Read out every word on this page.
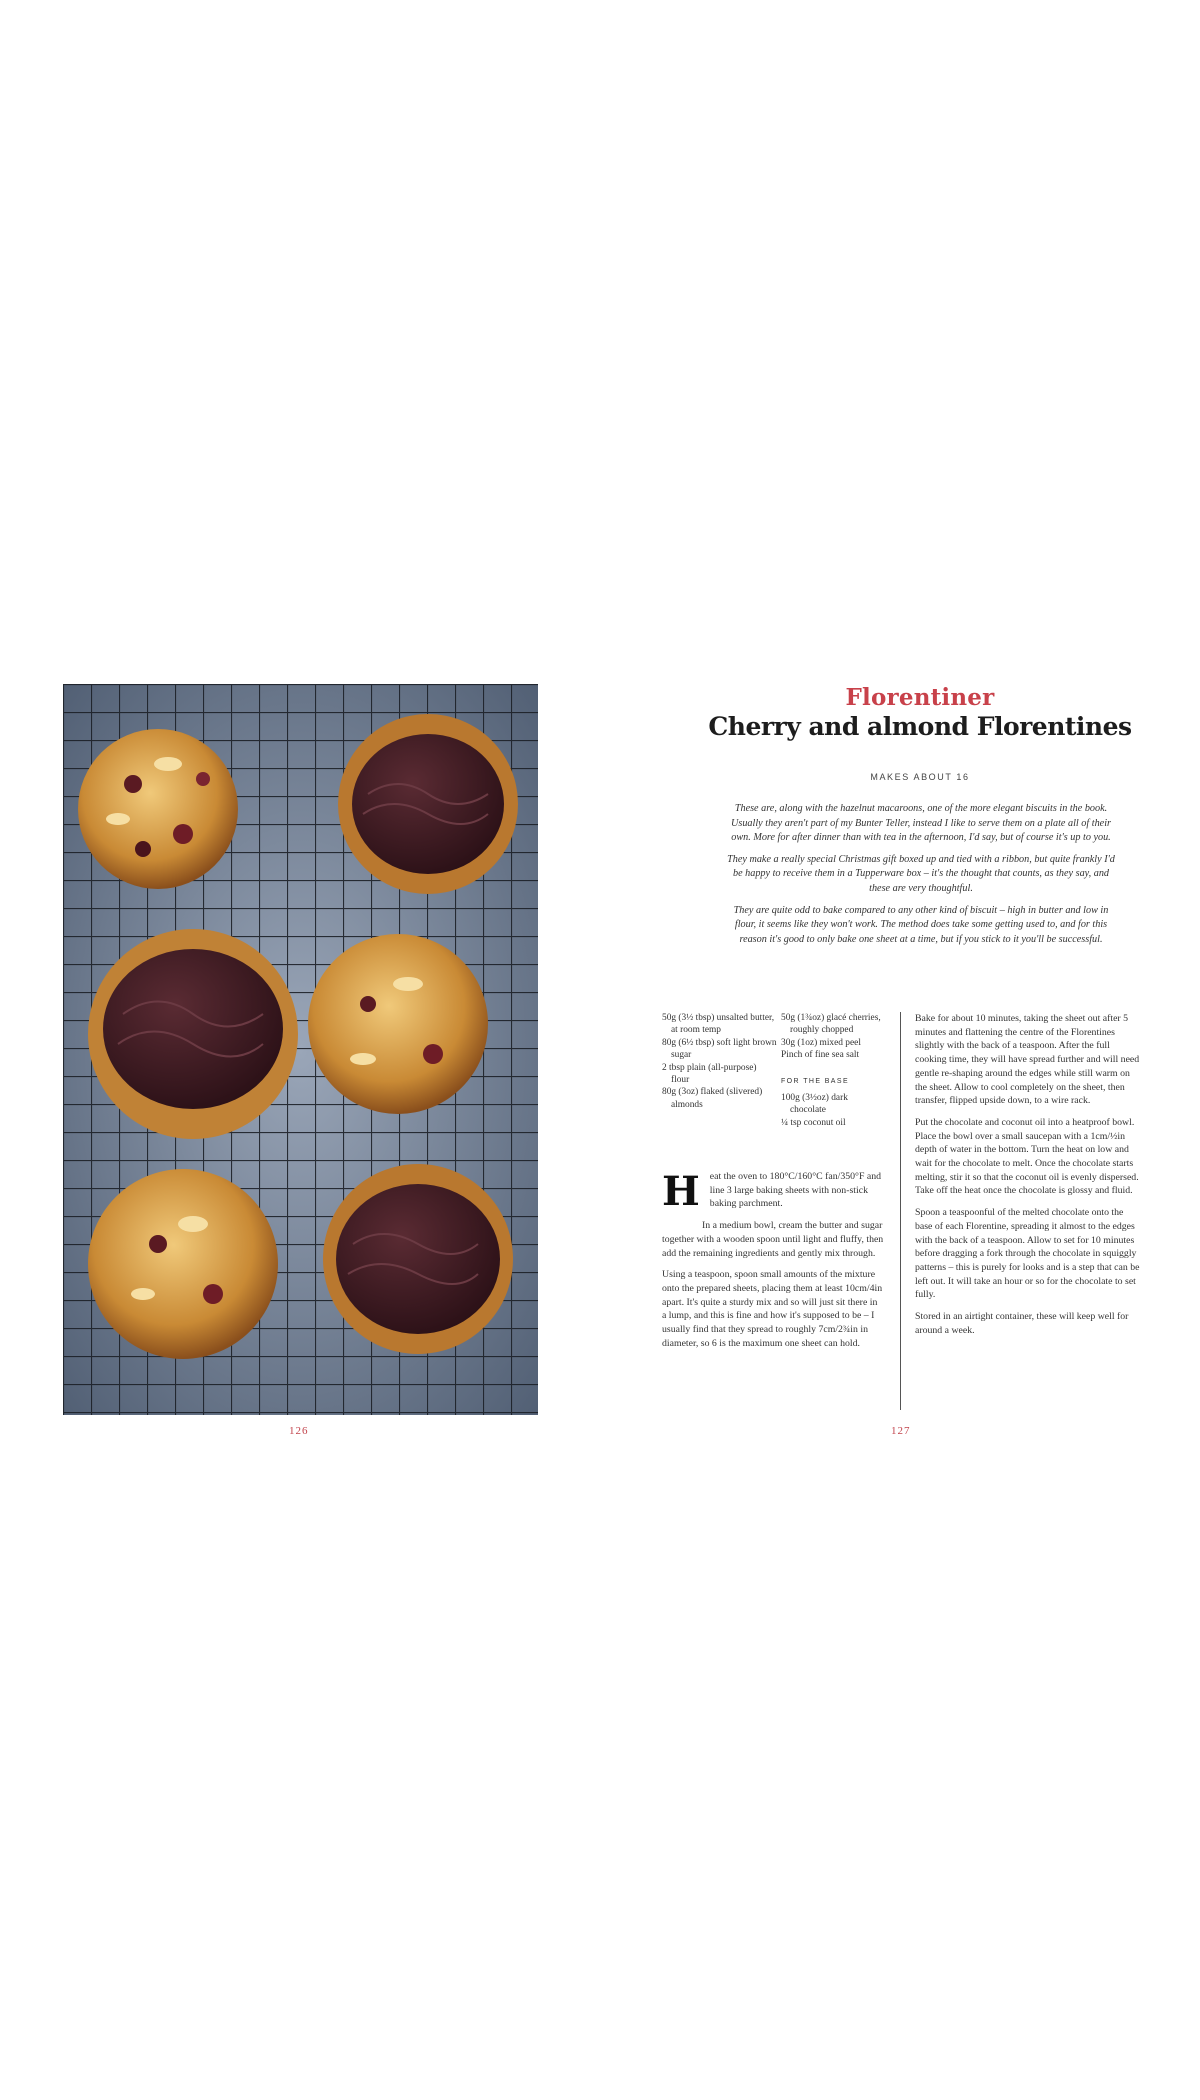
126
Florentiner
Cherry and almond Florentines
MAKES ABOUT 16

These are, along with the hazelnut macaroons, one of the more elegant biscuits in the book. Usually they aren't part of my Bunter Teller, instead I like to serve them on a plate all of their own. More for after dinner than with tea in the afternoon, I'd say, but of course it's up to you.

They make a really special Christmas gift boxed up and tied with a ribbon, but quite frankly I'd be happy to receive them in a Tupperware box – it's the thought that counts, as they say, and these are very thoughtful.

They are quite odd to bake compared to any other kind of biscuit – high in butter and low in flour, it seems like they won't work. The method does take some getting used to, and for this reason it's good to only bake one sheet at a time, but if you stick to it you'll be successful.

50g (3½ tbsp) unsalted butter, at room temp

80g (6½ tbsp) soft light brown sugar

2 tbsp plain (all-purpose) flour

80g (3oz) flaked (slivered) almonds

50g (1¾oz) glacé cherries, roughly chopped

30g (1oz) mixed peel

Pinch of fine sea salt

FOR THE BASE

100g (3½oz) dark chocolate

¼ tsp coconut oil

H eat the oven to 180°C/160°C fan/350°F and line 3 large baking sheets with non-stick baking parchment.

In a medium bowl, cream the butter and sugar together with a wooden spoon until light and fluffy, then add the remaining ingredients and gently mix through.

Using a teaspoon, spoon small amounts of the mixture onto the prepared sheets, placing them at least 10cm/4in apart. It's quite a sturdy mix and so will just sit there in a lump, and this is fine and how it's supposed to be – I usually find that they spread to roughly 7cm/2¾in in diameter, so 6 is the maximum one sheet can hold.

Bake for about 10 minutes, taking the sheet out after 5 minutes and flattening the centre of the Florentines slightly with the back of a teaspoon. After the full cooking time, they will have spread further and will need gentle re-shaping around the edges while still warm on the sheet. Allow to cool completely on the sheet, then transfer, flipped upside down, to a wire rack.

Put the chocolate and coconut oil into a heatproof bowl. Place the bowl over a small saucepan with a 1cm/½in depth of water in the bottom. Turn the heat on low and wait for the chocolate to melt. Once the chocolate starts melting, stir it so that the coconut oil is evenly dispersed. Take off the heat once the chocolate is glossy and fluid.

Spoon a teaspoonful of the melted chocolate onto the base of each Florentine, spreading it almost to the edges with the back of a teaspoon. Allow to set for 10 minutes before dragging a fork through the chocolate in squiggly patterns – this is purely for looks and is a step that can be left out. It will take an hour or so for the chocolate to set fully.

Stored in an airtight container, these will keep well for around a week.

127
